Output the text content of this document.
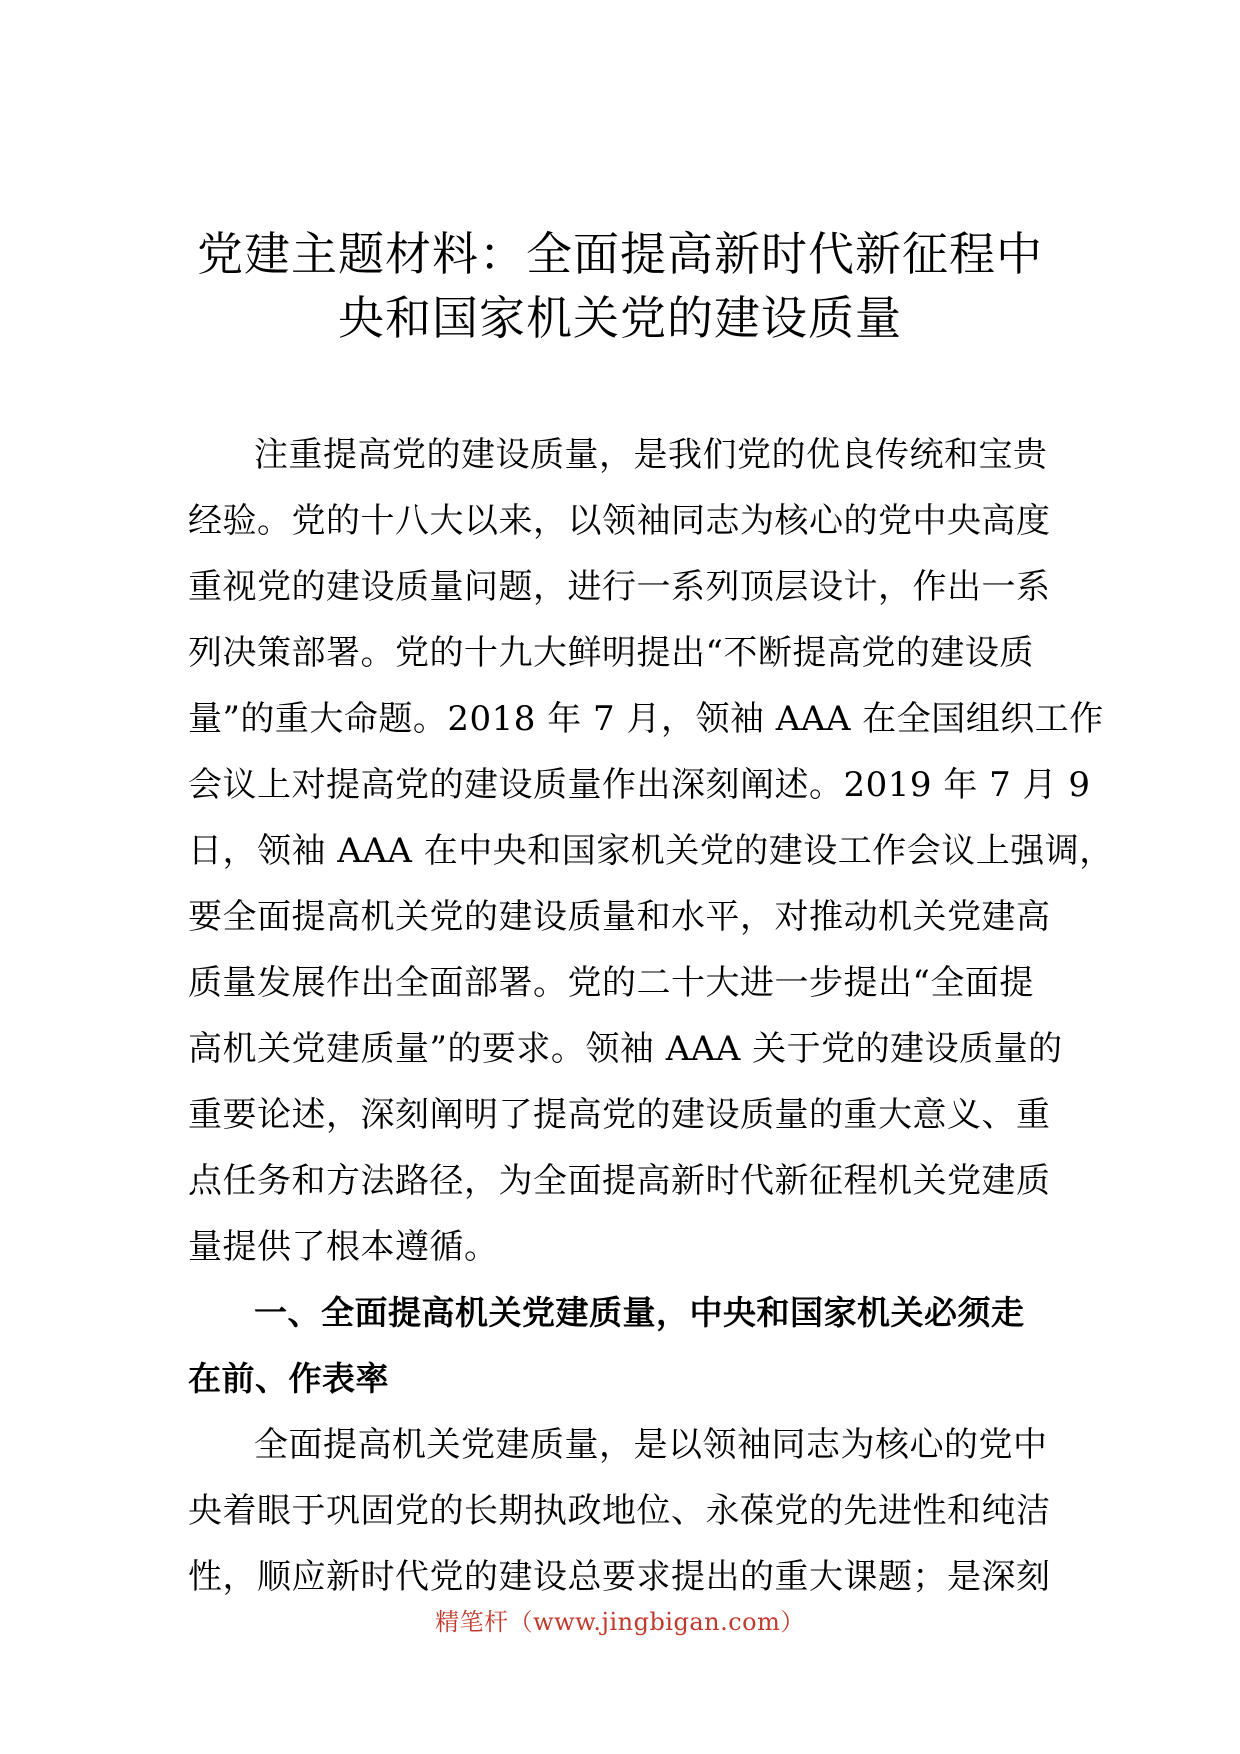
党建主题材料：全面提高新时代新征程中
央和国家机关党的建设质量
注重提高党的建设质量，是我们党的优良传统和宝贵
经验。党的十八大以来，以领袖同志为核心的党中央高度
重视党的建设质量问题，进行一系列顶层设计，作出一系
列决策部署。党的十九大鲜明提出“不断提高党的建设质
量”的重大命题。2018 年 7 月，领袖 AAA 在全国组织工作
会议上对提高党的建设质量作出深刻阐述。2019 年 7 月 9
日，领袖 AAA 在中央和国家机关党的建设工作会议上强调，
要全面提高机关党的建设质量和水平，对推动机关党建高
质量发展作出全面部署。党的二十大进一步提出“全面提
高机关党建质量”的要求。领袖 AAA 关于党的建设质量的
重要论述，深刻阐明了提高党的建设质量的重大意义、重
点任务和方法路径，为全面提高新时代新征程机关党建质
量提供了根本遵循。
一、全面提高机关党建质量，中央和国家机关必须走
在前、作表率
全面提高机关党建质量，是以领袖同志为核心的党中
央着眼于巩固党的长期执政地位、永葆党的先进性和纯洁
性，顺应新时代党的建设总要求提出的重大课题；是深刻
精笔杆（www.jingbigan.com）
